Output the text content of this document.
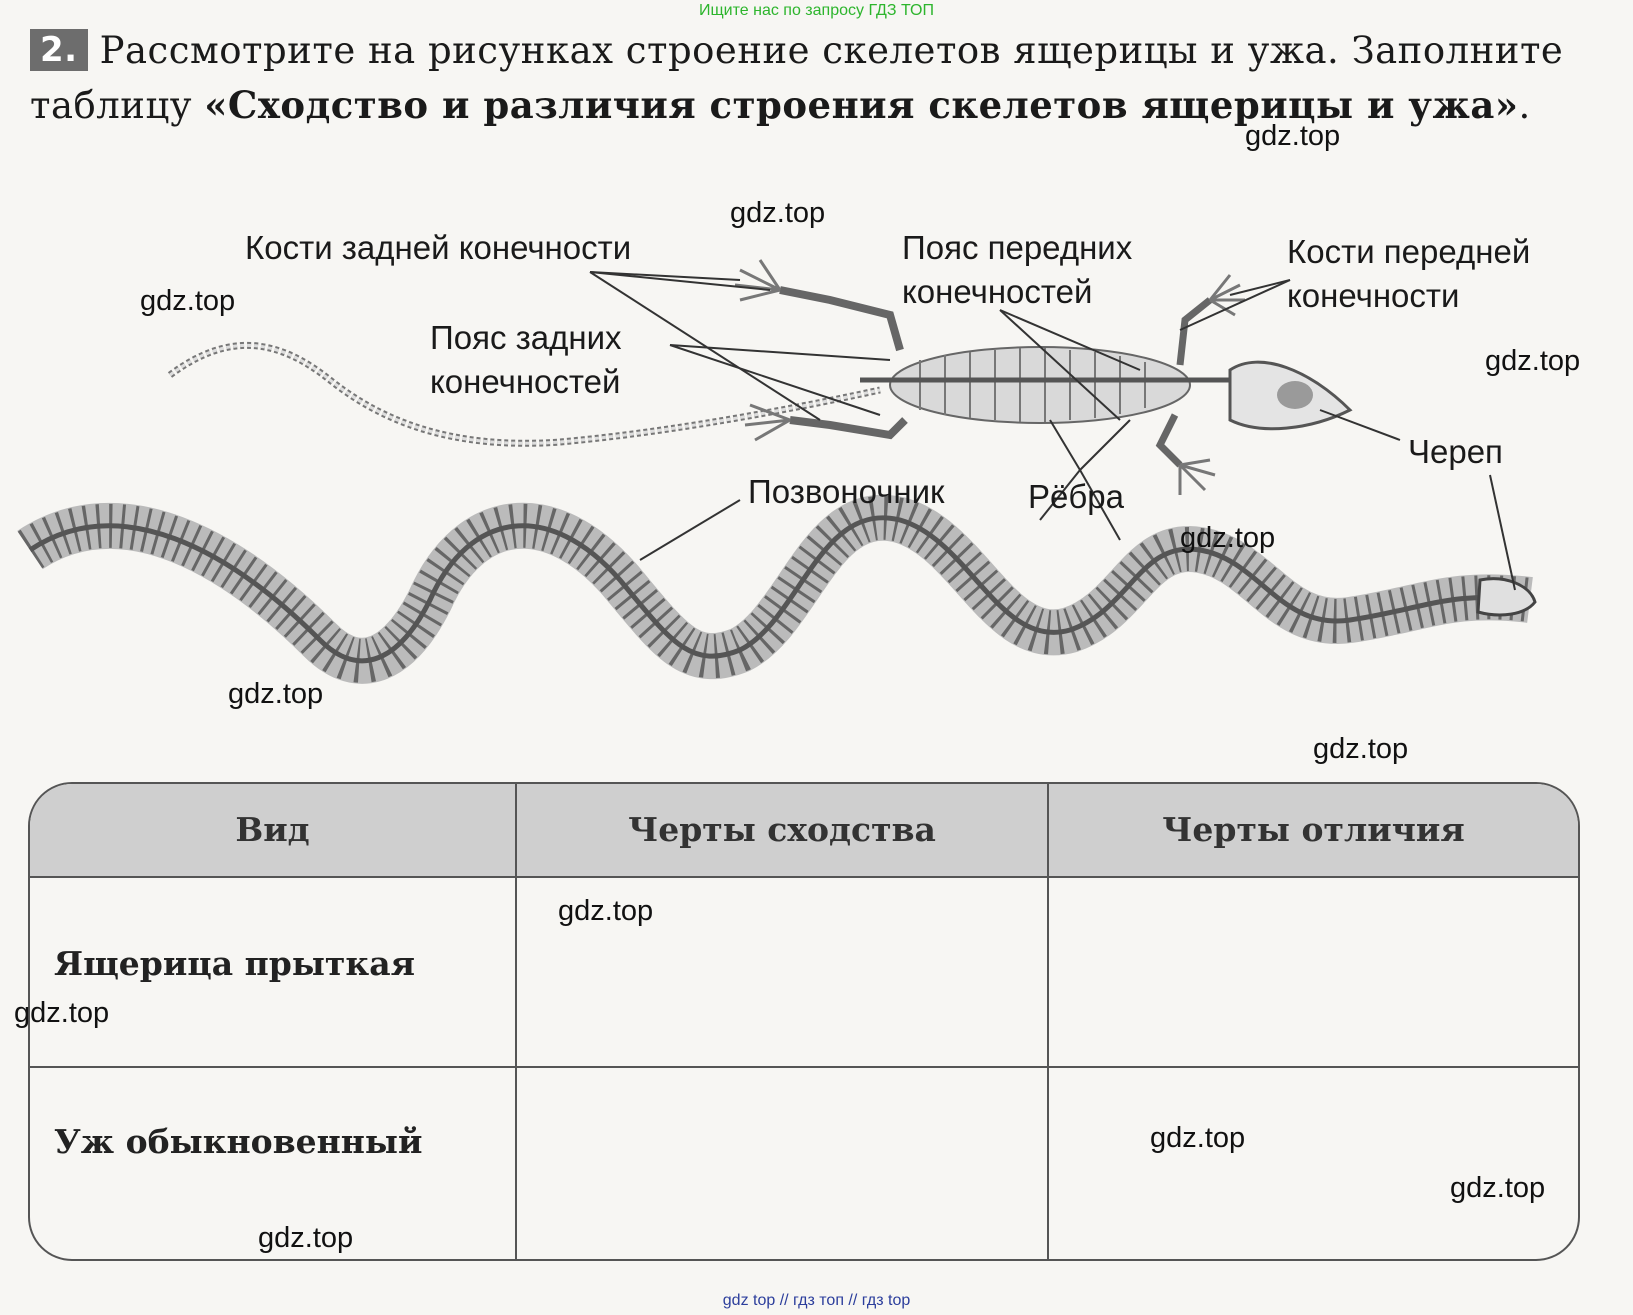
Ищите нас по запросу ГДЗ ТОП
2. Рассмотрите на рисунках строение скелетов ящерицы и ужа. Заполните таблицу «Сходство и различия строения скелетов ящерицы и ужа».
Кости задней конечности	Пояс передних
конечностей
Кости передней
конечности
Пояс задних
конечностей
Череп
Позвоночник	Рёбра
gdz.top
gdz.top
gdz.top
gdz.top
gdz.top
gdz.top
gdz.top
Вид	Черты сходства	Черты отличия
Ящерица прыткая
Уж обыкновенный
gdz.top
gdz.top
gdz.top
gdz.top
gdz.top
gdz top // гдз топ // гдз top
